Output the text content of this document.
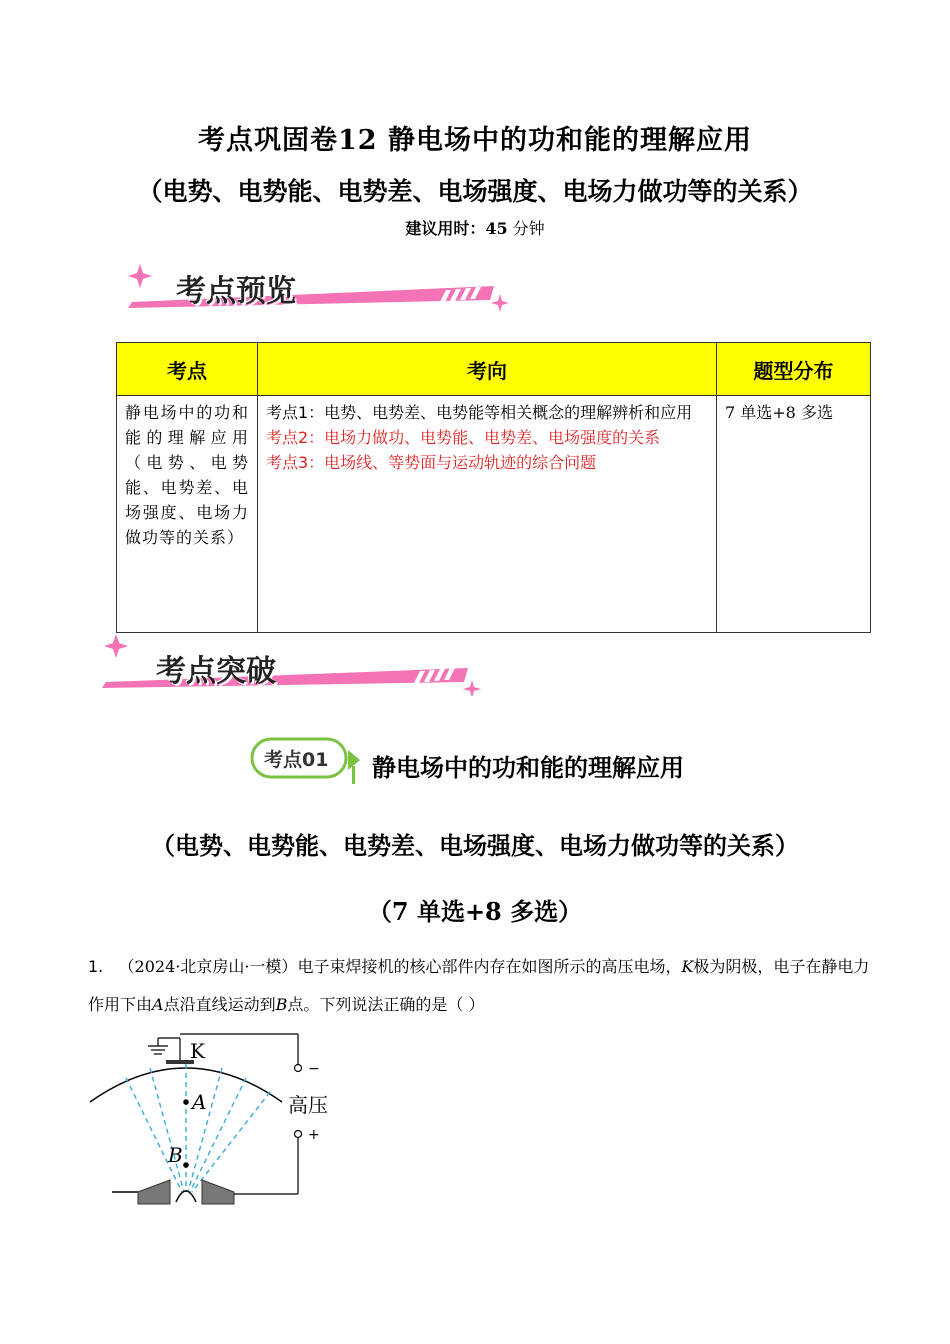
考点巩固卷12 静电场中的功和能的理解应用
（电势、电势能、电势差、电场强度、电场力做功等的关系）
建议用时：45 分钟
考点预览
考点	考向	题型分布
静电场中的功和能的理解应用（电势、电势能、电势差、电场强度、电场力做功等的关系）	考点1：电势、电势差、电势能等相关概念的理解辨析和应用
考点2：电场力做功、电势能、电势差、电场强度的关系
考点3：电场线、等势面与运动轨迹的综合问题	7 单选+8 多选
考点突破
考点01 静电场中的功和能的理解应用
（电势、电势能、电势差、电场强度、电场力做功等的关系）
（7 单选+8 多选）
1. （2024·北京房山·一模）电子束焊接机的核心部件内存在如图所示的高压电场，K极为阴极，电子在静电力作用下由A点沿直线运动到B点。下列说法正确的是（ ）
K
A
B
−
+
高压
